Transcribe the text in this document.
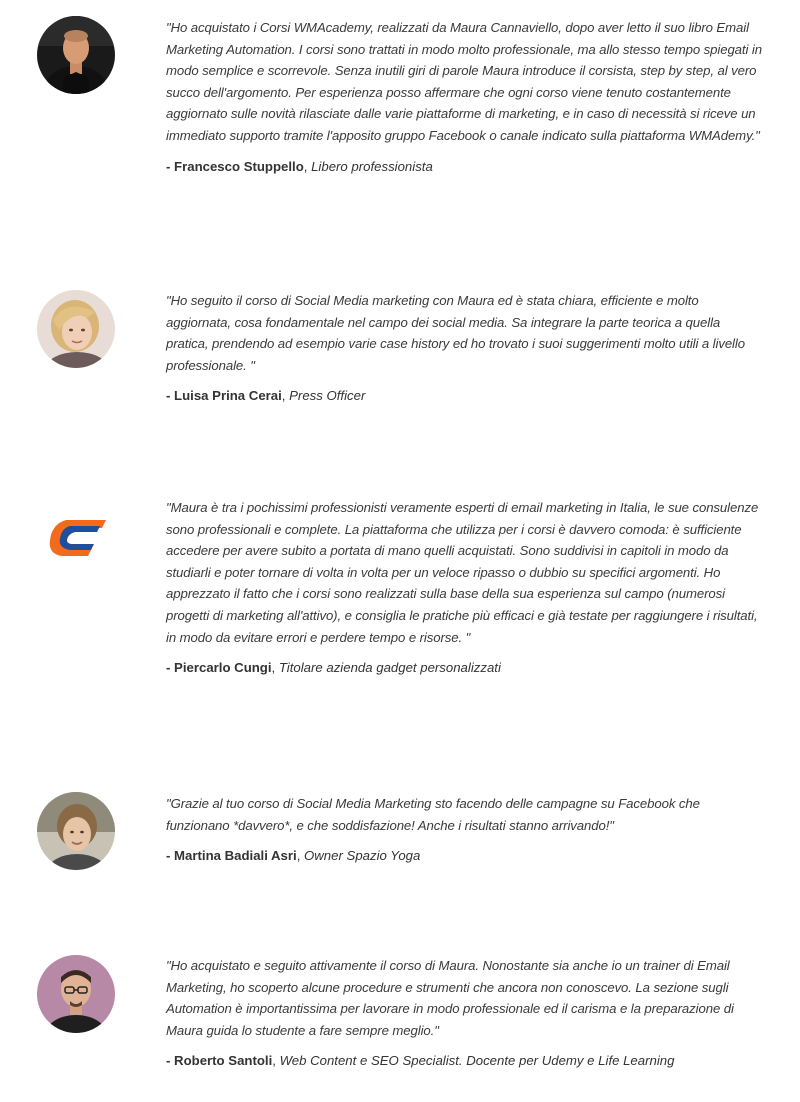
"Ho acquistato i Corsi WMAcademy, realizzati da Maura Cannaviello, dopo aver letto il suo libro Email Marketing Automation. I corsi sono trattati in modo molto professionale, ma allo stesso tempo spiegati in modo semplice e scorrevole. Senza inutili giri di parole Maura introduce il corsista, step by step, al vero succo dell'argomento. Per esperienza posso affermare che ogni corso viene tenuto costantemente aggiornato sulle novità rilasciate dalle varie piattaforme di marketing, e in caso di necessità si riceve un immediato supporto tramite l'apposito gruppo Facebook o canale indicato sulla piattaforma WMAdemy."

- Francesco Stuppello, Libero professionista

"Ho seguito il corso di Social Media marketing con Maura ed è stata chiara, efficiente e molto aggiornata, cosa fondamentale nel campo dei social media. Sa integrare la parte teorica a quella pratica, prendendo ad esempio varie case history ed ho trovato i suoi suggerimenti molto utili a livello professionale. "

- Luisa Prina Cerai, Press Officer

"Maura è tra i pochissimi professionisti veramente esperti di email marketing in Italia, le sue consulenze sono professionali e complete. La piattaforma che utilizza per i corsi è davvero comoda: è sufficiente accedere per avere subito a portata di mano quelli acquistati. Sono suddivisi in capitoli in modo da studiarli e poter tornare di volta in volta per un veloce ripasso o dubbio su specifici argomenti. Ho apprezzato il fatto che i corsi sono realizzati sulla base della sua esperienza sul campo (numerosi progetti di marketing all'attivo), e consiglia le pratiche più efficaci e già testate per raggiungere i risultati, in modo da evitare errori e perdere tempo e risorse. "

- Piercarlo Cungi, Titolare azienda gadget personalizzati

"Grazie al tuo corso di Social Media Marketing sto facendo delle campagne su Facebook che funzionano *davvero*, e che soddisfazione! Anche i risultati stanno arrivando!"

- Martina Badiali Asri, Owner Spazio Yoga

"Ho acquistato e seguito attivamente il corso di Maura. Nonostante sia anche io un trainer di Email Marketing, ho scoperto alcune procedure e strumenti che ancora non conoscevo. La sezione sugli Automation è importantissima per lavorare in modo professionale ed il carisma e la preparazione di Maura guida lo studente a fare sempre meglio."

- Roberto Santoli, Web Content e SEO Specialist. Docente per Udemy e Life Learning
